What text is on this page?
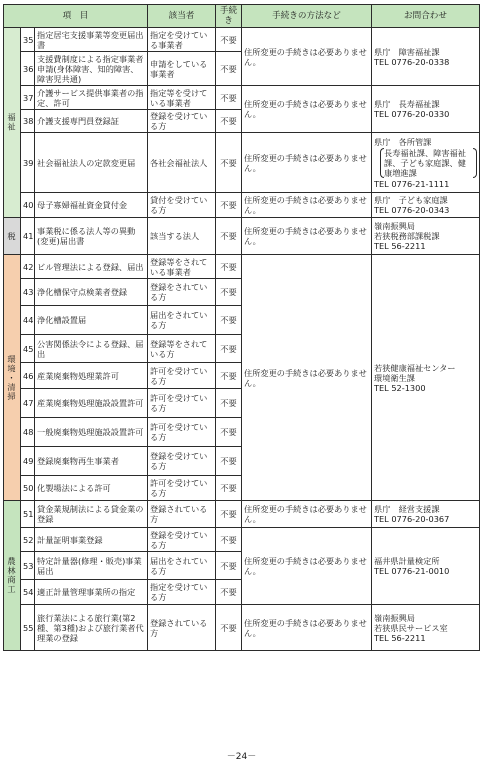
項　目			該当者	手続き	手続きの方法など	お問合わせ
福祉	35	指定居宅支援事業等変更届出書	指定を受けている事業者	不要	住所変更の手続きは必要ありません。	県庁　障害福祉課
TEL 0776-20-0338

	36	支援費制度による指定事業者申請(身体障害、知的障害、障害児共通)	申請をしている事業者	不要		
	37	介護サービス提供事業者の指定、許可	指定等を受けている事業者	不要	住所変更の手続きは必要ありません。	県庁　長寿福祉課
TEL 0776-20-0330

	38	介護支援専門員登録証	登録を受けている方	不要		
	39	社会福祉法人の定款変更届	各社会福祉法人	不要	住所変更の手続きは必要ありません。	県庁　各所管課
長寿福祉課、障害福祉課、子ども家庭課、健康増進課
TEL 0776-21-1111

	40	母子寡婦福祉資金貸付金	貸付を受けている方	不要	住所変更の手続きは必要ありません。	県庁　子ども家庭課
TEL 0776-20-0343

税	41	事業税に係る法人等の異動(変更)届出書	該当する法人	不要	住所変更の手続きは必要ありません。	嶺南振興局
若狭税務部課税課
TEL 56-2211

環境・清掃	42	ビル管理法による登録、届出	登録等をされている事業者	不要	住所変更の手続きは必要ありません。	若狭健康福祉センター
環境衛生課
TEL 52-1300

	43	浄化槽保守点検業者登録	登録をされている方	不要		
	44	浄化槽設置届	届出をされている方	不要		
	45	公害関係法令による登録、届出	登録等をされている方	不要		
	46	産業廃棄物処理業許可	許可を受けている方	不要		
	47	産業廃棄物処理施設設置許可	許可を受けている方	不要		
	48	一般廃棄物処理施設設置許可	許可を受けている方	不要		
	49	登録廃棄物再生事業者	登録を受けている方	不要		
	50	化製場法による許可	許可を受けている方	不要		
農林商工	51	貸金業規制法による貸金業の登録	登録されている方	不要	住所変更の手続きは必要ありません。	県庁　経営支援課
TEL 0776-20-0367

	52	計量証明事業登録	登録を受けている方	不要	住所変更の手続きは必要ありません。	福井県計量検定所
TEL 0776-21-0010

	53	特定計量器(修理・販売)事業届出	届出をされている方	不要		
	54	適正計量管理事業所の指定	指定を受けている方	不要		
	55	旅行業法による旅行業(第2種、第3種)および旅行業者代理業の登録	登録されている方	不要	住所変更の手続きは必要ありません。	嶺南振興局
若狭県民サービス室
TEL 56-2211
－24－
